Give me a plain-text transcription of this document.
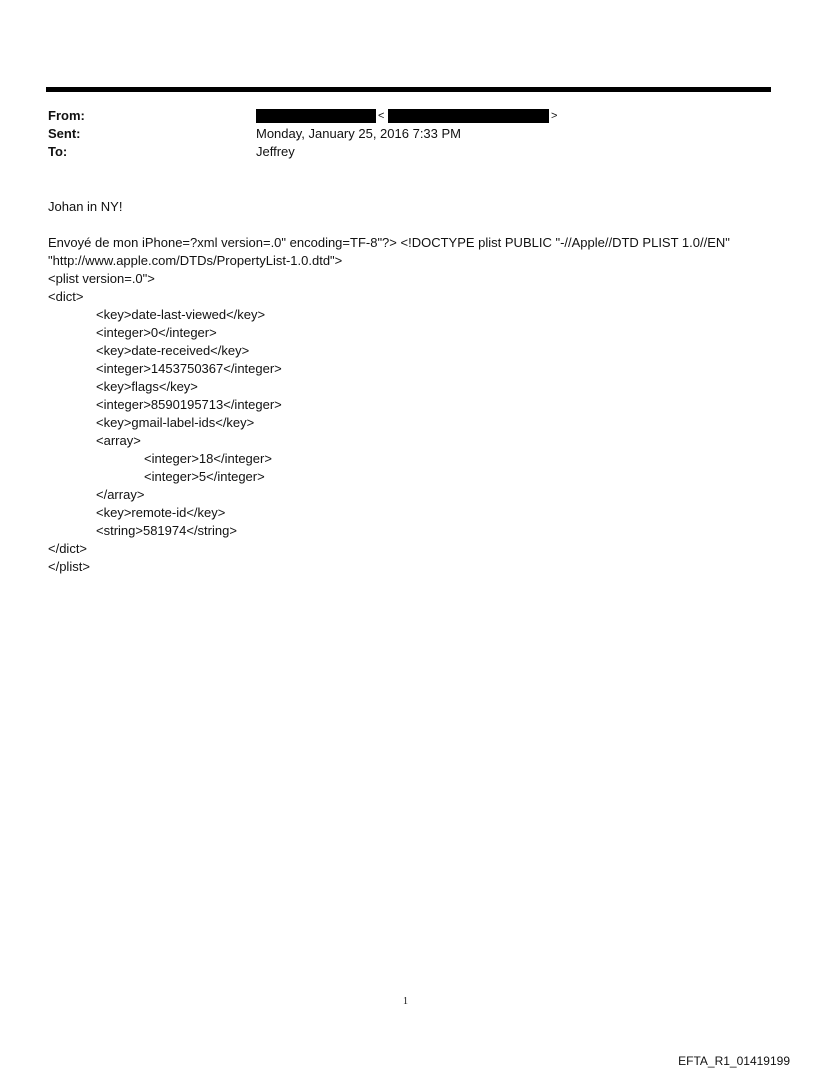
From:
Sent:
To:
<	>
Monday, January 25, 2016 7:33 PM
Jeffrey
Johan in NY!
Envoyé de mon iPhone=?xml version=.0" encoding=TF-8"?> <!DOCTYPE plist PUBLIC "-//Apple//DTD PLIST 1.0//EN"
"http://www.apple.com/DTDs/PropertyList-1.0.dtd">
<plist version=.0">
<dict>
<key>date-last-viewed</key>
<integer>0</integer>
<key>date-received</key>
<integer>1453750367</integer>
<key>flags</key>
<integer>8590195713</integer>
<key>gmail-label-ids</key>
<array>
<integer>18</integer>
<integer>5</integer>
</array>
<key>remote-id</key>
<string>581974</string>
</dict>
</plist>
1
EFTA_R1_01419199
